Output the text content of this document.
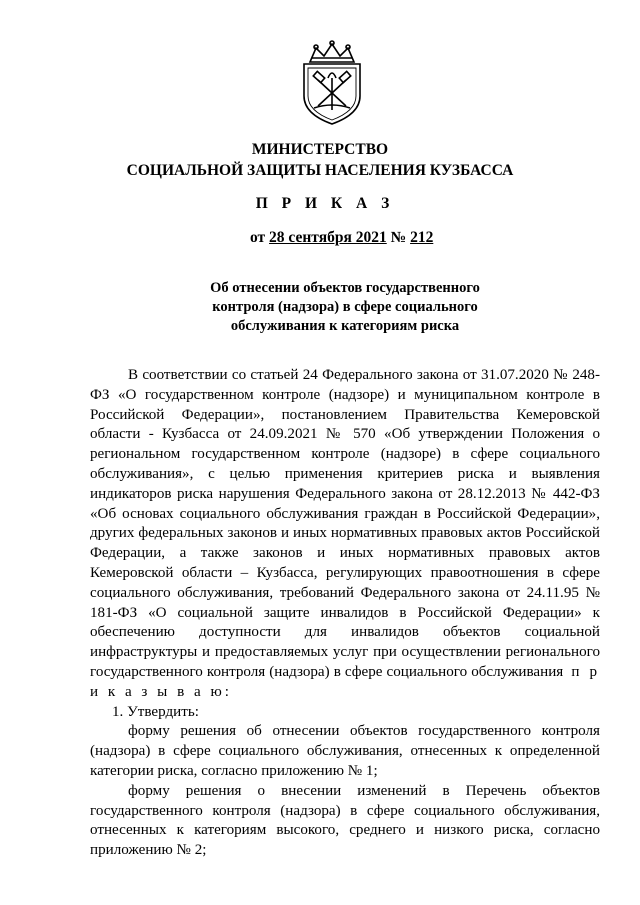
МИНИСТЕРСТВО
СОЦИАЛЬНОЙ ЗАЩИТЫ НАСЕЛЕНИЯ КУЗБАССА
П Р И К А З
от 28 сентября 2021 № 212
Об отнесении объектов государственного
контроля (надзора) в сфере социального
обслуживания к категориям риска

В соответствии со статьей 24 Федерального закона от 31.07.2020 № 248-ФЗ «О государственном контроле (надзоре) и муниципальном контроле в Российской Федерации», постановлением Правительства Кемеровской области - Кузбасса от 24.09.2021 № 570 «Об утверждении Положения о региональном государственном контроле (надзоре) в сфере социального обслуживания», с целью применения критериев риска и выявления индикаторов риска нарушения Федерального закона от 28.12.2013 № 442-ФЗ «Об основах социального обслуживания граждан в Российской Федерации», других федеральных законов и иных нормативных правовых актов Российской Федерации, а также законов и иных нормативных правовых актов Кемеровской области – Кузбасса, регулирующих правоотношения в сфере социального обслуживания, требований Федерального закона от 24.11.95 № 181-ФЗ «О социальной защите инвалидов в Российской Федерации» к обеспечению доступности для инвалидов объектов социальной инфраструктуры и предоставляемых услуг при осуществлении регионального государственного контроля (надзора) в сфере социального обслуживания п р и к а з ы в а ю:

1. Утвердить:

форму решения об отнесении объектов государственного контроля (надзора) в сфере социального обслуживания, отнесенных к определенной категории риска, согласно приложению № 1;

форму решения о внесении изменений в Перечень объектов государственного контроля (надзора) в сфере социального обслуживания, отнесенных к категориям высокого, среднего и низкого риска, согласно приложению № 2;
